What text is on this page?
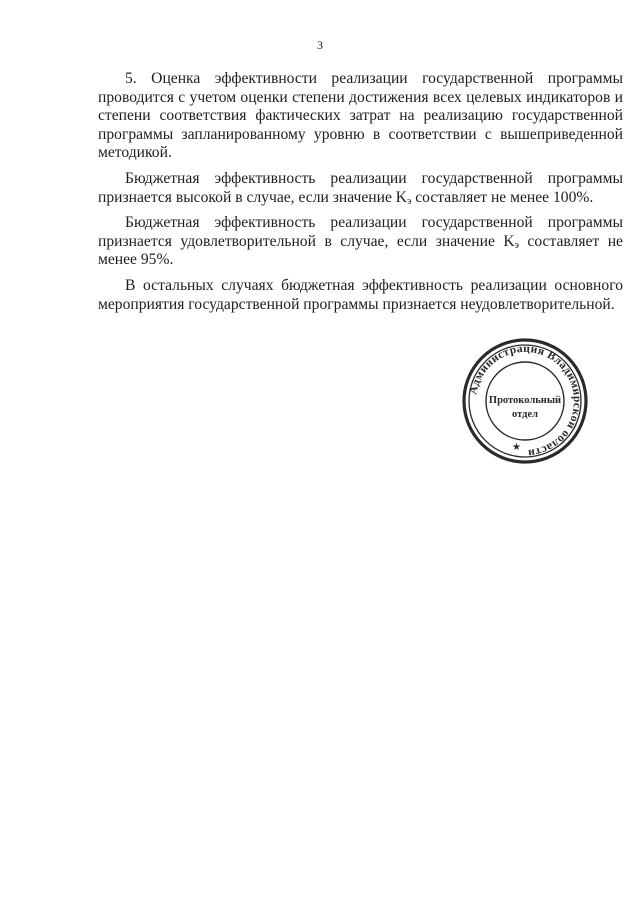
3

5. Оценка эффективности реализации государственной программы проводится с учетом оценки степени достижения всех целевых индикаторов и степени соответствия фактических затрат на реализацию государственной программы запланированному уровню в соответствии с вышеприведенной методикой.

Бюджетная эффективность реализации государственной программы признается высокой в случае, если значение $K_э$ составляет не менее 100%.

Бюджетная эффективность реализации государственной программы признается удовлетворительной в случае, если значение $K_э$ составляет не менее 95%.

В остальных случаях бюджетная эффективность реализации основного мероприятия государственной программы признается неудовлетворительной.

Администрация Владимирской области
★
Протокольный
отдел
